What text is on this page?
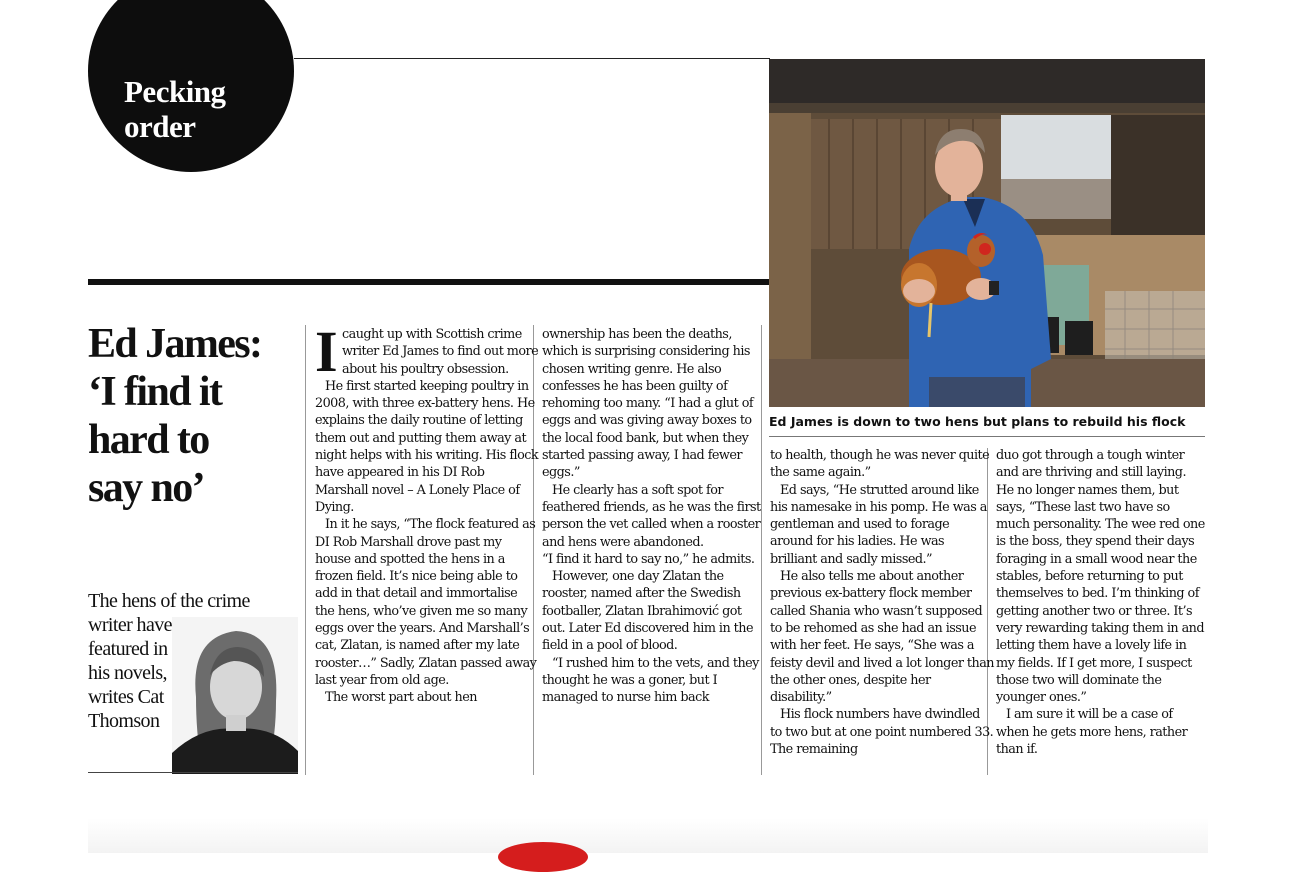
Pecking
order
Ed James is down to two hens but plans to rebuild his flock
Ed James:
‘I find it
hard to
say no’
The hens of the crime
writer have
featured in
his novels,
writes Cat
Thomson

Icaught up with Scottish crime writer Ed James to find out more about his poultry obsession.

He first started keeping poultry in 2008, with three ex-battery hens. He explains the daily routine of letting them out and putting them away at night helps with his writing. His flock have appeared in his DI Rob Marshall novel – A Lonely Place of Dying.

In it he says, “The flock featured as DI Rob Marshall drove past my house and spotted the hens in a frozen field. It’s nice being able to add in that detail and immortalise the hens, who’ve given me so many eggs over the years. And Marshall’s cat, Zlatan, is named after my late rooster…” Sadly, Zlatan passed away last year from old age.

The worst part about hen

ownership has been the deaths, which is surprising considering his chosen writing genre. He also confesses he has been guilty of rehoming too many. “I had a glut of eggs and was giving away boxes to the local food bank, but when they started passing away, I had fewer eggs.”

He clearly has a soft spot for feathered friends, as he was the first person the vet called when a rooster and hens were abandoned.

“I find it hard to say no,” he admits.

However, one day Zlatan the rooster, named after the Swedish footballer, Zlatan Ibrahimović got out. Later Ed discovered him in the field in a pool of blood.

“I rushed him to the vets, and they thought he was a goner, but I managed to nurse him back

to health, though he was never quite the same again.”

Ed says, “He strutted around like his namesake in his pomp. He was a gentleman and used to forage around for his ladies. He was brilliant and sadly missed.”

He also tells me about another previous ex-battery flock member called Shania who wasn’t supposed to be rehomed as she had an issue with her feet. He says, “She was a feisty devil and lived a lot longer than the other ones, despite her disability.”

His flock numbers have dwindled to two but at one point numbered 33. The remaining

duo got through a tough winter and are thriving and still laying. He no longer names them, but says, “These last two have so much personality. The wee red one is the boss, they spend their days foraging in a small wood near the stables, before returning to put themselves to bed. I’m thinking of getting another two or three. It’s very rewarding taking them in and letting them have a lovely life in my fields. If I get more, I suspect those two will dominate the younger ones.”

I am sure it will be a case of when he gets more hens, rather than if.
